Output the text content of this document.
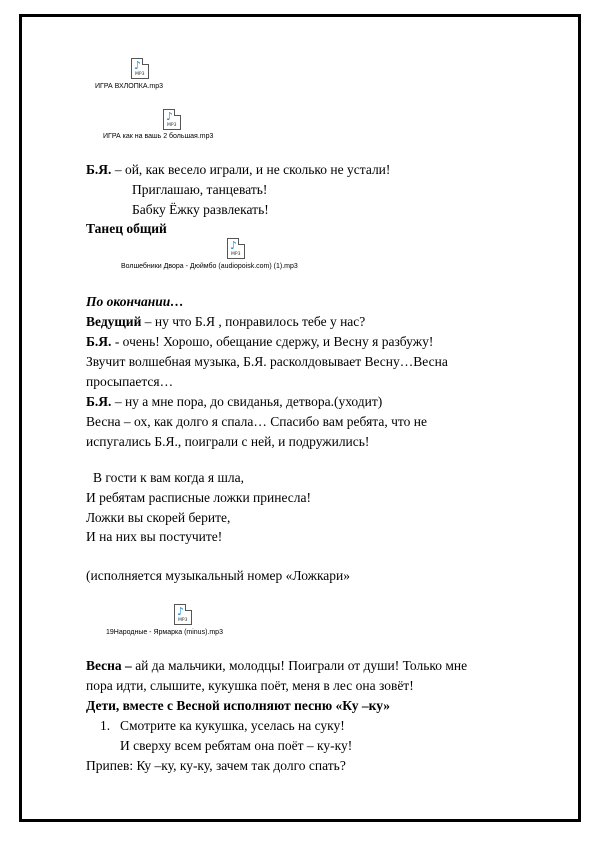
♪
MP3
ИГРА ВХЛОПКА.mp3
♪
MP3
ИГРА как на вашь 2 большая.mp3
Б.Я. – ой, как весело играли, и не сколько не устали!
Приглашаю, танцевать!
Бабку Ёжку развлекать!
Танец общий
♪
MP3
Волшебники Двора - Дюймбо (audiopoisk.com) (1).mp3
По окончании…
Ведущий – ну что Б.Я , понравилось тебе у нас?
Б.Я. - очень! Хорошо, обещание сдержу, и Весну я разбужу!
Звучит волшебная музыка, Б.Я. расколдовывает Весну…Весна
просыпается…
Б.Я. – ну а мне пора, до свиданья, детвора.(уходит)
Весна – ох, как долго я спала… Спасибо вам ребята, что не
испугались Б.Я., поиграли с ней, и подружились!
В гости к вам когда я шла,
И ребятам расписные ложки принесла!
Ложки вы скорей берите,
И на них вы постучите!
(исполняется музыкальный номер «Ложкари»
♪
MP3
19Народные - Ярмарка (minus).mp3
Весна – ай да мальчики, молодцы! Поиграли от души! Только мне
пора идти, слышите, кукушка поёт, меня в лес она зовёт!
Дети, вместе с Весной исполняют песню «Ку –ку»
1. Смотрите ка кукушка, уселась на суку!
И сверху всем ребятам она поёт – ку-ку!
Припев: Ку –ку, ку-ку, зачем так долго спать?
